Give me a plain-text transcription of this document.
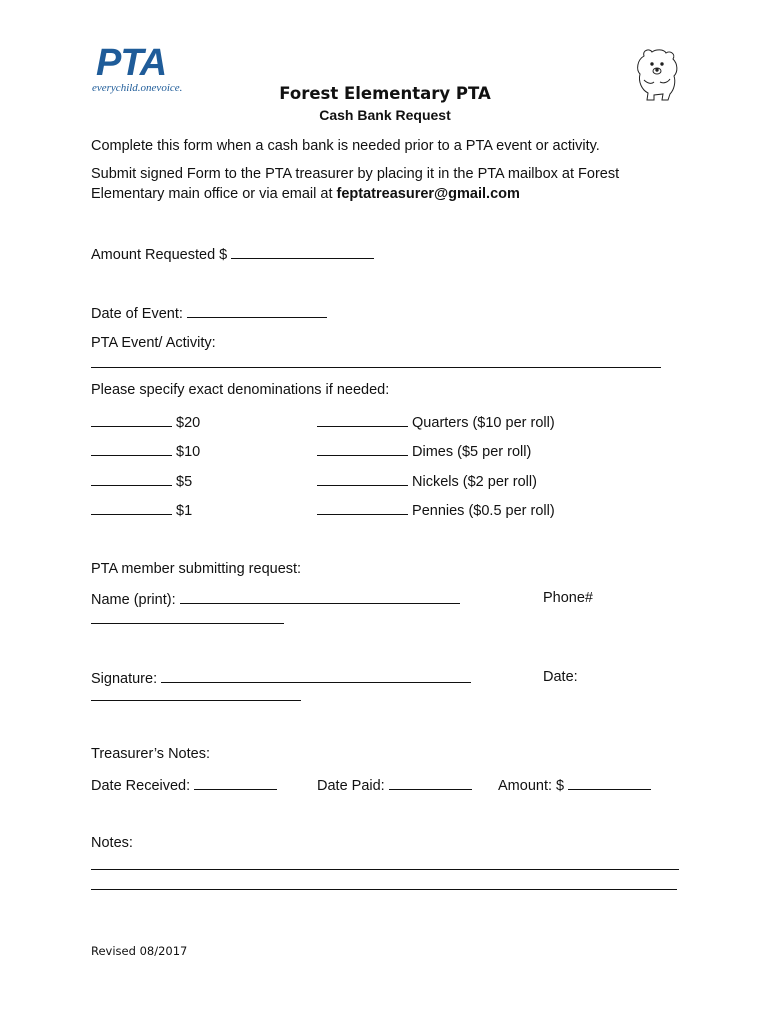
PTA
everychild.onevoice.	Forest Elementary PTA
Cash Bank Request
Complete this form when a cash bank is needed prior to a PTA event or activity.
Submit signed Form to the PTA treasurer by placing it in the PTA mailbox at Forest
Elementary main office or via email at feptatreasurer@gmail.com
Amount Requested $
Date of Event:
PTA Event/ Activity:
Please specify exact denominations if needed:
$20	Quarters ($10 per roll)
$10	Dimes ($5 per roll)
$5	Nickels ($2 per roll)
$1	Pennies ($0.5 per roll)
PTA member submitting request:
Name (print):	Phone#
Signature:	Date:
Treasurer’s Notes:
Date Received:	Date Paid:	Amount: $
Notes:
Revised 08/2017
